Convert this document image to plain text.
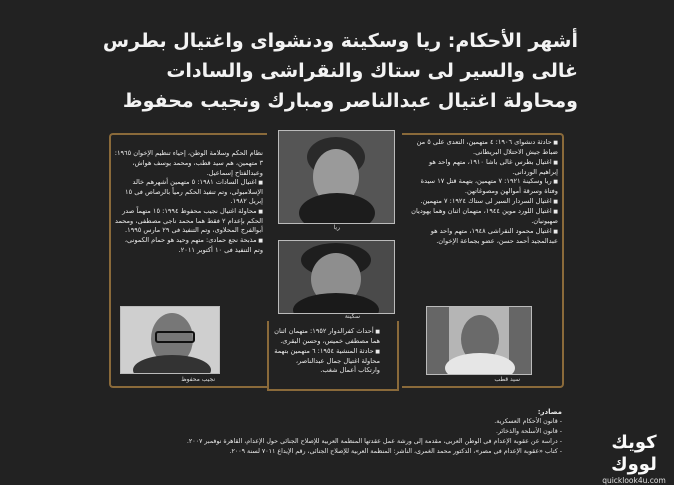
أشهر الأحكام: ريا وسكينة ودنشواى واغتيال بطرس
غالى والسير لى ستاك والنقراشى والسادات
ومحاولة اغتيال عبدالناصر ومبارك ونجيب محفوظ

■ حادثة دنشواى ١٩٠٦: ٤ متهمين، التعدى على ٥ من ضباط جيش الاحتلال البريطانى.

■ اغتيال بطرس غالى باشا ١٩١٠، متهم واحد هو إبراهيم الوردانى.

■ ريا وسكينة ١٩٢١: ٧ متهمين، بتهمة قتل ١٧ سيدة وفتاة وسرقة أموالهن ومصوغاتهن.

■ اغتيال السردار السير لى ستاك ١٩٢٤: ٧ متهمين.

■ اغتيال اللورد موين ١٩٤٤، متهمان اثنان وهما يهوديان صهيونيان.

■ اغتيال محمود النقراشى ١٩٤٨، متهم واحد هو عبدالمجيد أحمد حسن، عضو بجماعة الإخوان.

نظام الحكم وسلامة الوطن، إحياء تنظيم الإخوان ١٩٦٥: ٣ متهمين، هم سيد قطب، ومحمد يوسف هواش، وعبدالفتاح إسماعيل.

■ اغتيال السادات ١٩٨١: ٥ متهمين أشهرهم خالد الإسلامبولى، وتم تنفيذ الحكم رمياً بالرصاص فى ١٥ إبريل ١٩٨٢.

■ محاولة اغتيال نجيب محفوظ ١٩٩٤: ١٥ متهماً صدر الحكم بإعدام ٢ فقط هما محمد ناجى مصطفى، ومحمد أبوالفرج المحلاوى، وتم التنفيذ فى ٢٩ مارس ١٩٩٥.

■ مذبحة نجع حمادى: متهم وحيد هو حمام الكمونى، وتم التنفيذ فى ١٠ أكتوبر ٢٠١١.

■ أحداث كفرالدوار ١٩٥٢: متهمان اثنان هما مصطفى خميس، وحسن البقرى.

■ حادثة المنشية ١٩٥٤: ٦ متهمين بتهمة محاولة اغتيال جمال عبدالناصر، وارتكاب أعمال شغب.

ريا
سكينة
نجيب محفوظ	سيد قطب
مصادر:
- قانون الأحكام العسكرية.
- قانون الأسلحة والذخائر.
- دراسة عن عقوبة الإعدام فى الوطن العربى، مقدمة إلى ورشة عمل عقدتها المنظمة العربية للإصلاح الجنائى حول الإعدام، القاهرة نوفمبر ٢٠٠٧.
- كتاب «عقوبة الإعدام فى مصر»، الدكتور محمد الغمرى، الناشر: المنظمة العربية للإصلاح الجنائى، رقم الإيداع ٧٠١١ لسنة ٢٠٠٩.	كويك لووك
quicklook4u.com
